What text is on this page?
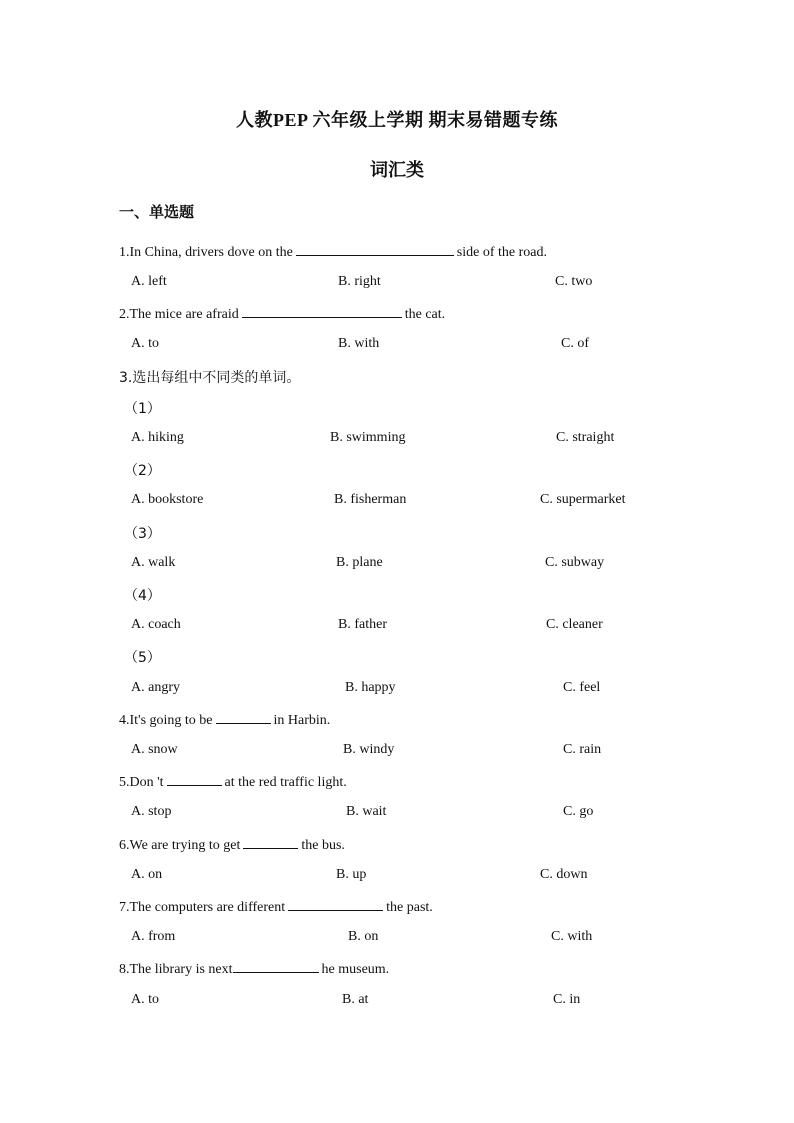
人教PEP 六年级上学期 期末易错题专练
词汇类
一、单选题
1.In China, drivers dove on the	side of the road.
A. left	B. right	C. two
2.The mice are afraid	the cat.
A. to	B. with	C. of
3.选出每组中不同类的单词。
（1）
A. hiking	B. swimming	C. straight
（2）
A. bookstore	B. fisherman	C. supermarket
（3）
A. walk	B. plane	C. subway
（4）
A. coach	B. father	C. cleaner
（5）
A. angry	B. happy	C. feel
4.It's going to be	in Harbin.
A. snow	B. windy	C. rain
5.Don 't	at the red traffic light.
A. stop	B. wait	C. go
6.We are trying to get	the bus.
A. on	B. up	C. down
7.The computers are different	the past.
A. from	B. on	C. with
8.The library is next	he museum.
A. to	B. at	C. in
